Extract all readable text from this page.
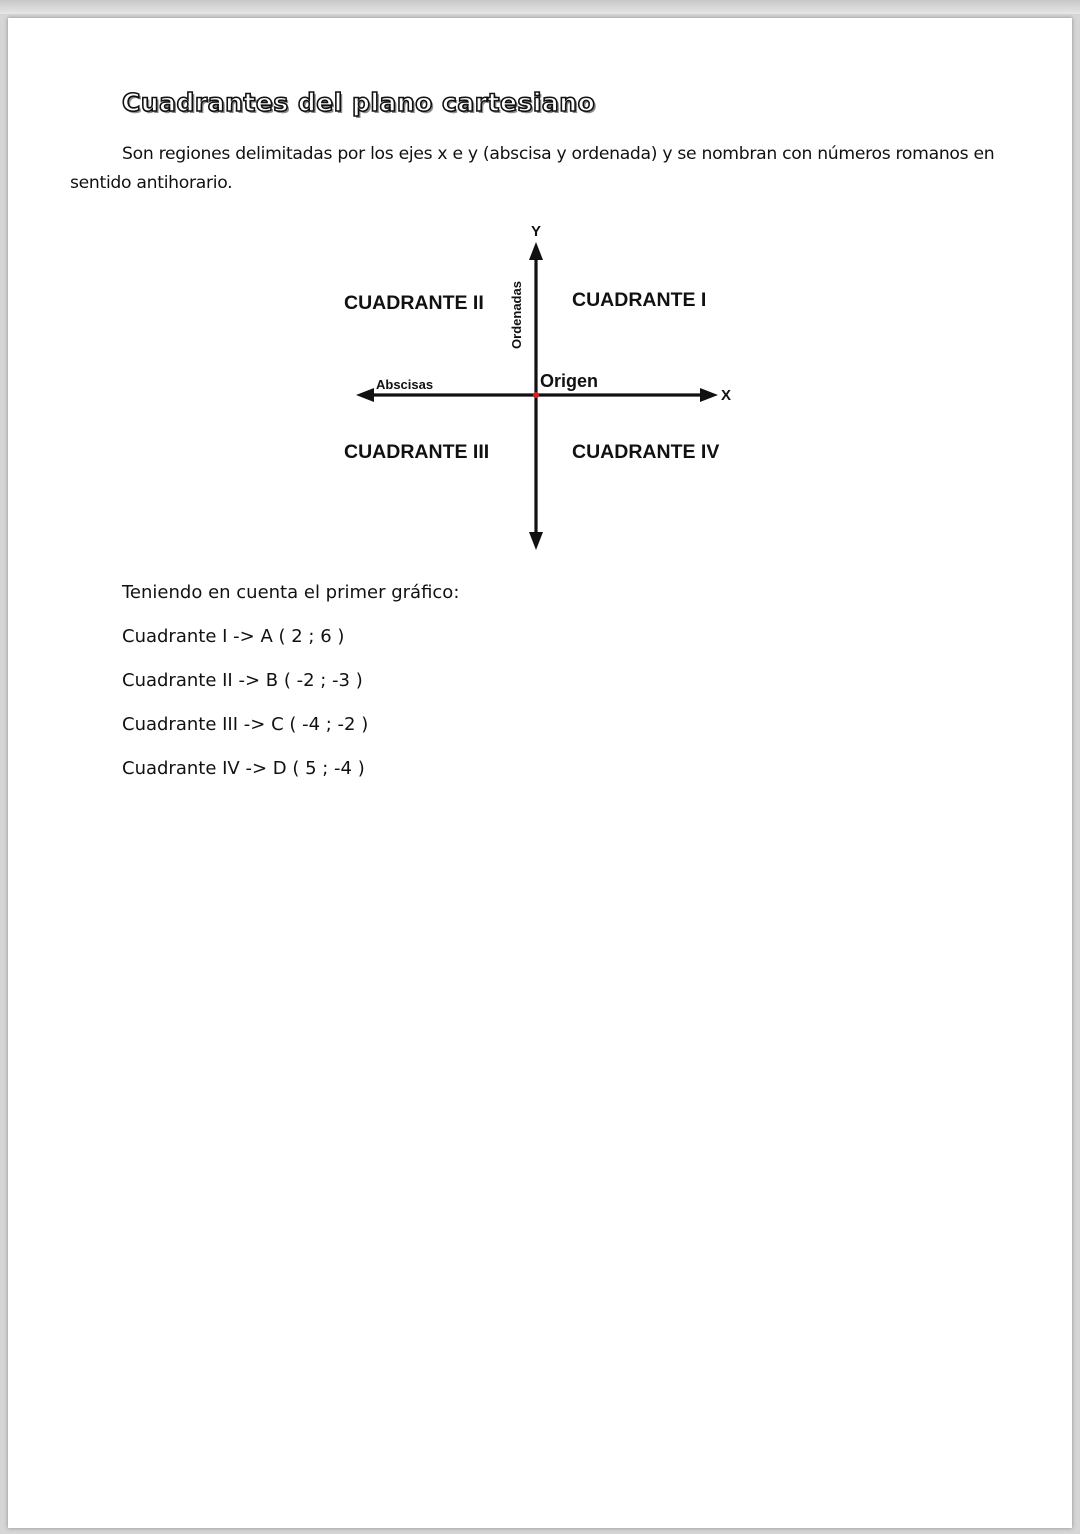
Cuadrantes del plano cartesiano
Son regiones delimitadas por los ejes x e y (abscisa y ordenada) y se nombran con números romanos en sentido antihorario.
Y
X
Ordenadas
Abscisas	Origen
CUADRANTE II	CUADRANTE I
CUADRANTE III	CUADRANTE IV
Teniendo en cuenta el primer gráfico:
Cuadrante I -> A ( 2 ; 6 )
Cuadrante II -> B ( -2 ; -3 )
Cuadrante III -> C ( -4 ; -2 )
Cuadrante IV -> D ( 5 ; -4 )
